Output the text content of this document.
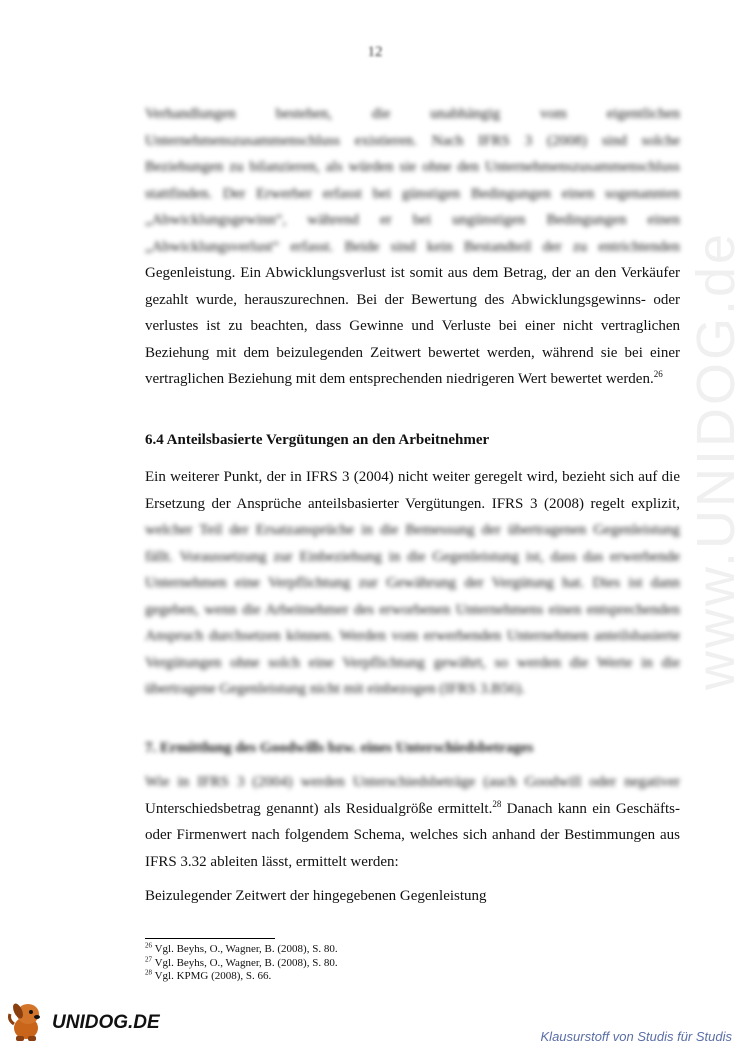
12

Verhandlungen bestehen, die unabhängig vom eigentlichen Unternehmenszusammenschluss existieren. Nach IFRS 3 (2008) sind solche Beziehungen zu bilanzieren, als würden sie ohne den Unternehmenszusammenschluss stattfinden. Der Erwerber erfasst bei günstigen Bedingungen einen sogenannten „Abwicklungsgewinn“, während er bei ungünstigen Bedingungen einen „Abwicklungsverlust“ erfasst. Beide sind kein Bestandteil der zu entrichtenden Gegenleistung. Ein Abwicklungsverlust ist somit aus dem Betrag, der an den Verkäufer gezahlt wurde, herauszurechnen. Bei der Bewertung des Abwicklungsgewinns- oder verlustes ist zu beachten, dass Gewinne und Verluste bei einer nicht vertraglichen Beziehung mit dem beizulegenden Zeitwert bewertet werden, während sie bei einer vertraglichen Beziehung mit dem entsprechenden niedrigeren Wert bewertet werden.$^{26}$

6.4 Anteilsbasierte Vergütungen an den Arbeitnehmer

Ein weiterer Punkt, der in IFRS 3 (2004) nicht weiter geregelt wird, bezieht sich auf die Ersetzung der Ansprüche anteilsbasierter Vergütungen. IFRS 3 (2008) regelt explizit, welcher Teil der Ersatzansprüche in die Bemessung der übertragenen Gegenleistung fällt. Voraussetzung zur Einbeziehung in die Gegenleistung ist, dass das erwerbende Unternehmen eine Verpflichtung zur Gewährung der Vergütung hat. Dies ist dann gegeben, wenn die Arbeitnehmer des erworbenen Unternehmens einen entsprechenden Anspruch durchsetzen können. Werden vom erwerbenden Unternehmen anteilsbasierte Vergütungen ohne solch eine Verpflichtung gewährt, so werden die Werte in die übertragene Gegenleistung nicht mit einbezogen (IFRS 3.B56).

7. Ermittlung des Goodwills bzw. eines Unterschiedsbetrages

Wie in IFRS 3 (2004) werden Unterschiedsbeträge (auch Goodwill oder negativer Unterschiedsbetrag genannt) als Residualgröße ermittelt.$^{28}$ Danach kann ein Geschäfts- oder Firmenwert nach folgendem Schema, welches sich anhand der Bestimmungen aus IFRS 3.32 ableiten lässt, ermittelt werden:

Beizulegender Zeitwert der hingegebenen Gegenleistung

www.UNIDOG.de
$^{26}$ Vgl. Beyhs, O., Wagner, B. (2008), S. 80.
$^{27}$ Vgl. Beyhs, O., Wagner, B. (2008), S. 80.
$^{28}$ Vgl. KPMG (2008), S. 66.
UNIDOG.DE
Klausurstoff von Studis für Studis
